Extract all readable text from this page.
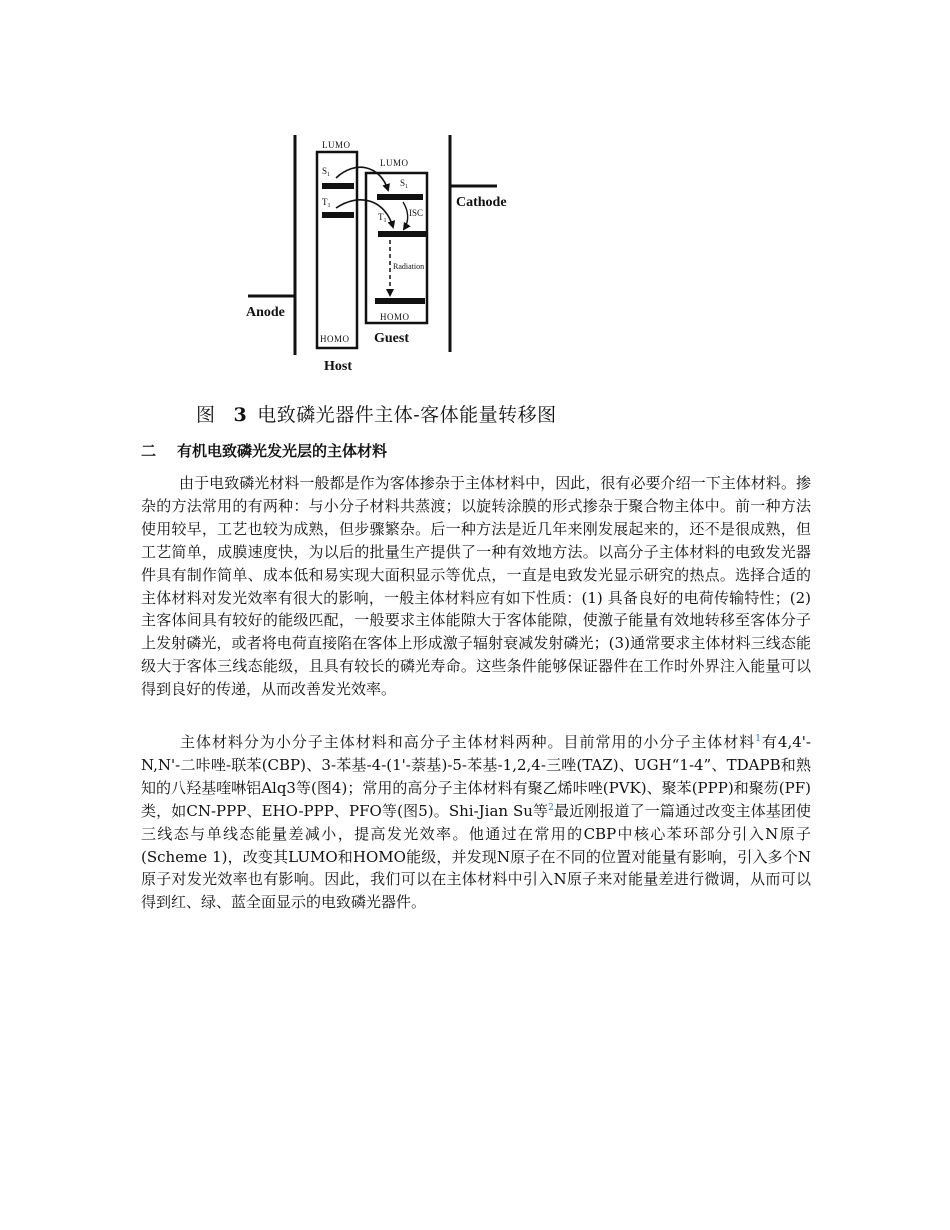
Anode
LUMO
$S_1$
$T_1$
HOMO
Host
LUMO
$S_1$
$T_1$
ISC
Radiation
HOMO
Guest
Cathode
图 3 电致磷光器件主体-客体能量转移图
二 有机电致磷光发光层的主体材料

由于电致磷光材料一般都是作为客体掺杂于主体材料中，因此，很有必要介绍一下主体材料。掺杂的方法常用的有两种：与小分子材料共蒸渡；以旋转涂膜的形式掺杂于聚合物主体中。前一种方法使用较早，工艺也较为成熟，但步骤繁杂。后一种方法是近几年来刚发展起来的，还不是很成熟，但工艺简单，成膜速度快，为以后的批量生产提供了一种有效地方法。以高分子主体材料的电致发光器件具有制作简单、成本低和易实现大面积显示等优点，一直是电致发光显示研究的热点。选择合适的主体材料对发光效率有很大的影响，一般主体材料应有如下性质：(1) 具备良好的电荷传输特性；(2)主客体间具有较好的能级匹配，一般要求主体能隙大于客体能隙，使激子能量有效地转移至客体分子上发射磷光，或者将电荷直接陷在客体上形成激子辐射衰减发射磷光；(3)通常要求主体材料三线态能级大于客体三线态能级，且具有较长的磷光寿命。这些条件能够保证器件在工作时外界注入能量可以得到良好的传递，从而改善发光效率。

主体材料分为小分子主体材料和高分子主体材料两种。目前常用的小分子主体材料$^1$有4,4'-N,N'-二咔唑-联苯(CBP)、3-苯基-4-(1'-萘基)-5-苯基-1,2,4-三唑(TAZ)、UGH“1-4”、TDAPB和熟知的八羟基喹啉铝Alq3等(图4)；常用的高分子主体材料有聚乙烯咔唑(PVK)、聚苯(PPP)和聚芴(PF)类，如CN-PPP、EHO-PPP、PFO等(图5)。Shi-Jian Su等$^2$最近刚报道了一篇通过改变主体基团使三线态与单线态能量差减小，提高发光效率。他通过在常用的CBP中核心苯环部分引入N原子(Scheme 1)，改变其LUMO和HOMO能级，并发现N原子在不同的位置对能量有影响，引入多个N原子对发光效率也有影响。因此，我们可以在主体材料中引入N原子来对能量差进行微调，从而可以得到红、绿、蓝全面显示的电致磷光器件。
